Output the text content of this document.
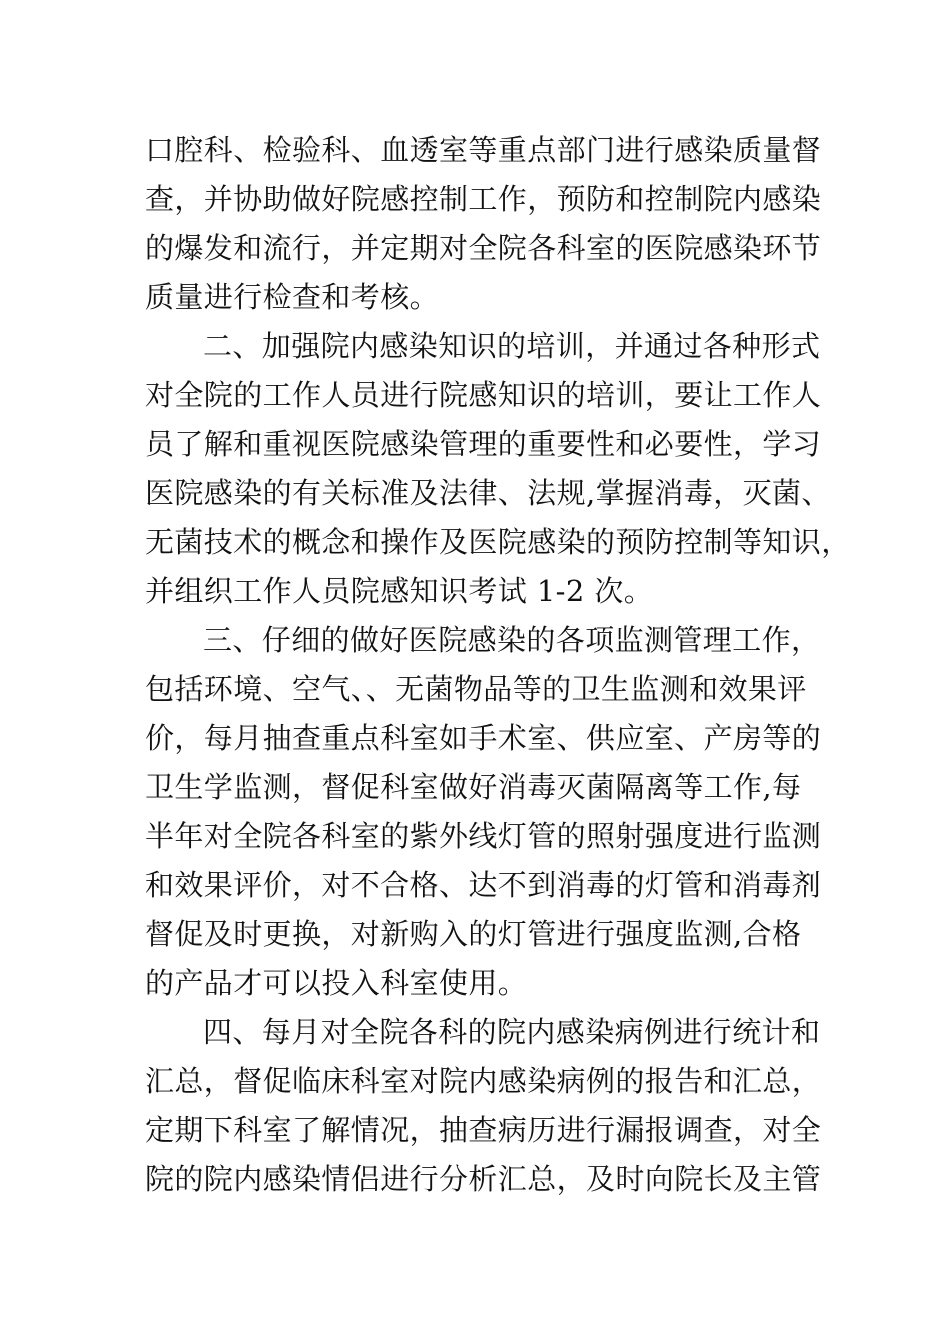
口腔科、检验科、血透室等重点部门进行感染质量督
查，并协助做好院感控制工作，预防和控制院内感染
的爆发和流行，并定期对全院各科室的医院感染环节
质量进行检查和考核。
二、加强院内感染知识的培训，并通过各种形式
对全院的工作人员进行院感知识的培训，要让工作人
员了解和重视医院感染管理的重要性和必要性，学习
医院感染的有关标准及法律、法规,掌握消毒，灭菌、
无菌技术的概念和操作及医院感染的预防控制等知识，
并组织工作人员院感知识考试 1-2 次。
三、仔细的做好医院感染的各项监测管理工作，
包括环境、空气、、无菌物品等的卫生监测和效果评
价，每月抽查重点科室如手术室、供应室、产房等的
卫生学监测，督促科室做好消毒灭菌隔离等工作,每
半年对全院各科室的紫外线灯管的照射强度进行监测
和效果评价，对不合格、达不到消毒的灯管和消毒剂
督促及时更换，对新购入的灯管进行强度监测,合格
的产品才可以投入科室使用。
四、每月对全院各科的院内感染病例进行统计和
汇总，督促临床科室对院内感染病例的报告和汇总，
定期下科室了解情况，抽查病历进行漏报调查，对全
院的院内感染情侣进行分析汇总，及时向院长及主管
